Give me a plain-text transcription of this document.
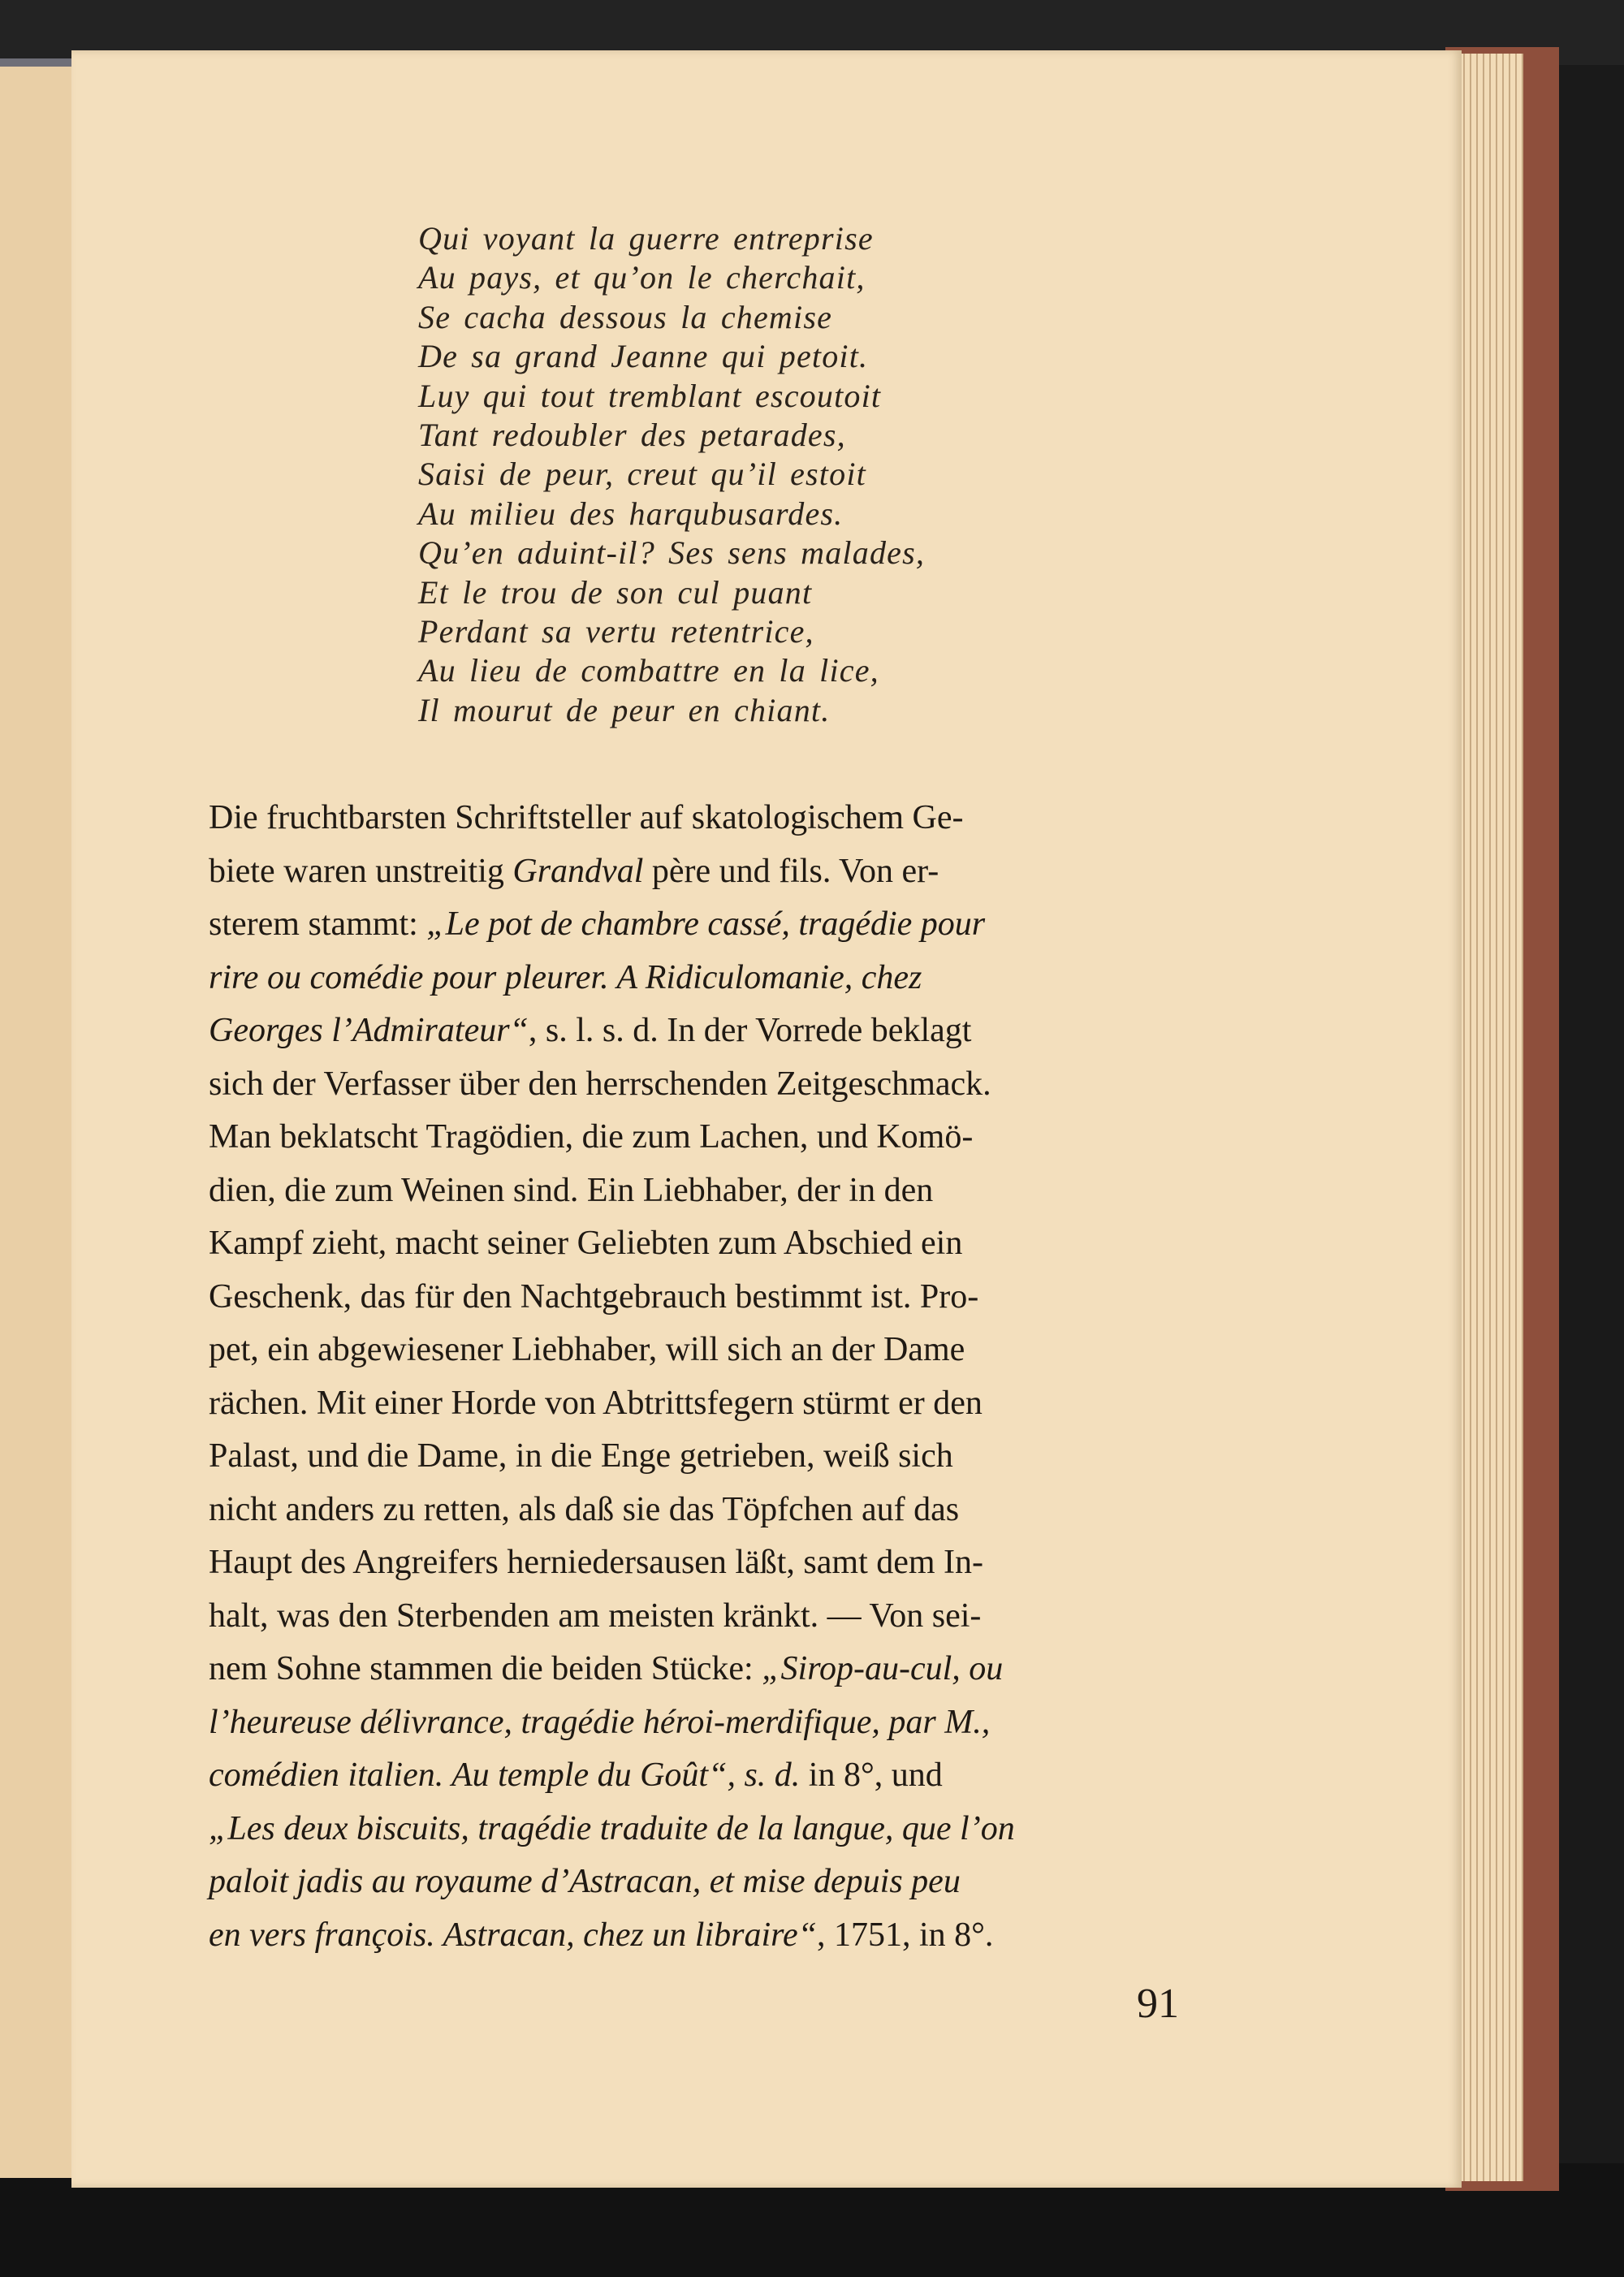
Qui voyant la guerre entreprise
Au pays, et qu’on le cherchait,
Se cacha dessous la chemise
De sa grand Jeanne qui petoit.
Luy qui tout tremblant escoutoit
Tant redoubler des petarades,
Saisi de peur, creut qu’il estoit
Au milieu des harqubusardes.
Qu’en aduint-il? Ses sens malades,
Et le trou de son cul puant
Perdant sa vertu retentrice,
Au lieu de combattre en la lice,
Il mourut de peur en chiant.
Die fruchtbarsten Schriftsteller auf skatologischem Ge-
biete waren unstreitig Grandval père und fils. Von er-
sterem stammt: „Le pot de chambre cassé, tragédie pour
rire ou comédie pour pleurer. A Ridiculomanie, chez
Georges l’Admirateur“, s. l. s. d. In der Vorrede beklagt
sich der Verfasser über den herrschenden Zeitgeschmack.
Man beklatscht Tragödien, die zum Lachen, und Komö-
dien, die zum Weinen sind. Ein Liebhaber, der in den
Kampf zieht, macht seiner Geliebten zum Abschied ein
Geschenk, das für den Nachtgebrauch bestimmt ist. Pro-
pet, ein abgewiesener Liebhaber, will sich an der Dame
rächen. Mit einer Horde von Abtrittsfegern stürmt er den
Palast, und die Dame, in die Enge getrieben, weiß sich
nicht anders zu retten, als daß sie das Töpfchen auf das
Haupt des Angreifers herniedersausen läßt, samt dem In-
halt, was den Sterbenden am meisten kränkt. — Von sei-
nem Sohne stammen die beiden Stücke: „Sirop-au-cul, ou
l’heureuse délivrance, tragédie héroi-merdifique, par M.,
comédien italien. Au temple du Goût“, s. d. in 8°, und
„Les deux biscuits, tragédie traduite de la langue, que l’on
paloit jadis au royaume d’Astracan, et mise depuis peu
en vers françois. Astracan, chez un libraire“, 1751, in 8°.
91
